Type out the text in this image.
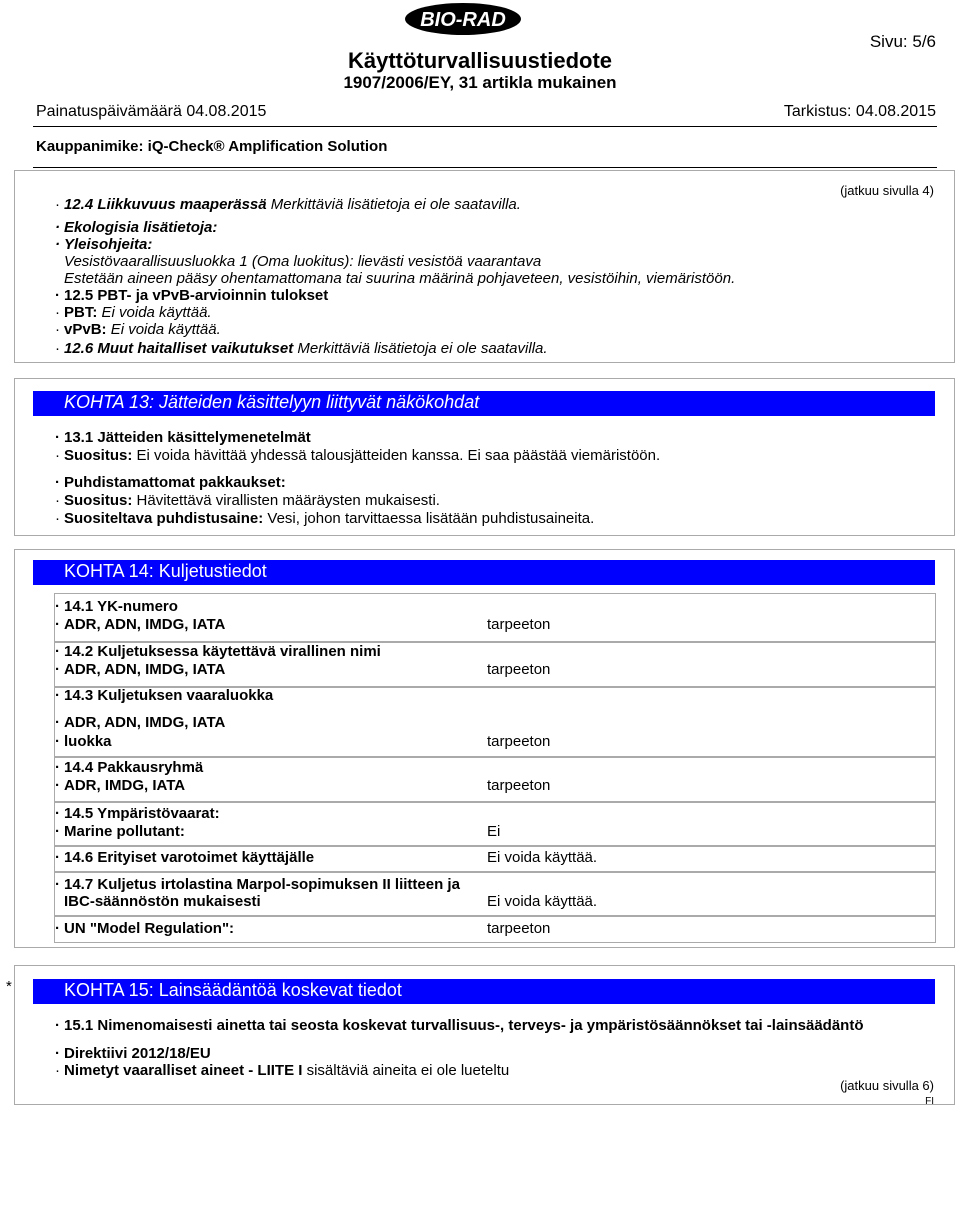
BIO-RAD
Käyttöturvallisuustiedote
1907/2006/EY, 31 artikla mukainen
Sivu: 5/6
Painatuspäivämäärä 04.08.2015	Tarkistus: 04.08.2015
Kauppanimike: iQ-Check® Amplification Solution
(jatkuu sivulla 4)
· 12.4 Liikkuvuus maaperässä Merkittäviä lisätietoja ei ole saatavilla.
· Ekologisia lisätietoja:
· Yleisohjeita:
Vesistövaarallisuusluokka 1 (Oma luokitus): lievästi vesistöä vaarantava
Estetään aineen pääsy ohentamattomana tai suurina määrinä pohjaveteen, vesistöihin, viemäristöön.
· 12.5 PBT- ja vPvB-arvioinnin tulokset
· PBT: Ei voida käyttää.
· vPvB: Ei voida käyttää.
· 12.6 Muut haitalliset vaikutukset Merkittäviä lisätietoja ei ole saatavilla.
KOHTA 13: Jätteiden käsittelyyn liittyvät näkökohdat
· 13.1 Jätteiden käsittelymenetelmät
· Suositus: Ei voida hävittää yhdessä talousjätteiden kanssa. Ei saa päästää viemäristöön.
· Puhdistamattomat pakkaukset:
· Suositus: Hävitettävä virallisten määräysten mukaisesti.
· Suositeltava puhdistusaine: Vesi, johon tarvittaessa lisätään puhdistusaineita.
KOHTA 14: Kuljetustiedot
· 14.1 YK-numero
· ADR, ADN, IMDG, IATA	tarpeeton
· 14.2 Kuljetuksessa käytettävä virallinen nimi
· ADR, ADN, IMDG, IATA	tarpeeton
· 14.3 Kuljetuksen vaaraluokka
· ADR, ADN, IMDG, IATA
· luokka	tarpeeton
· 14.4 Pakkausryhmä
· ADR, IMDG, IATA	tarpeeton
· 14.5 Ympäristövaarat:
· Marine pollutant:	Ei
· 14.6 Erityiset varotoimet käyttäjälle	Ei voida käyttää.
· 14.7 Kuljetus irtolastina Marpol-sopimuksen II liitteen ja
IBC-säännöstön mukaisesti	Ei voida käyttää.
· UN "Model Regulation":	tarpeeton
*	KOHTA 15: Lainsäädäntöä koskevat tiedot
· 15.1 Nimenomaisesti ainetta tai seosta koskevat turvallisuus-, terveys- ja ympäristösäännökset tai -lainsäädäntö
· Direktiivi 2012/18/EU
· Nimetyt vaaralliset aineet - LIITE I sisältäviä aineita ei ole lueteltu
(jatkuu sivulla 6)
FI
